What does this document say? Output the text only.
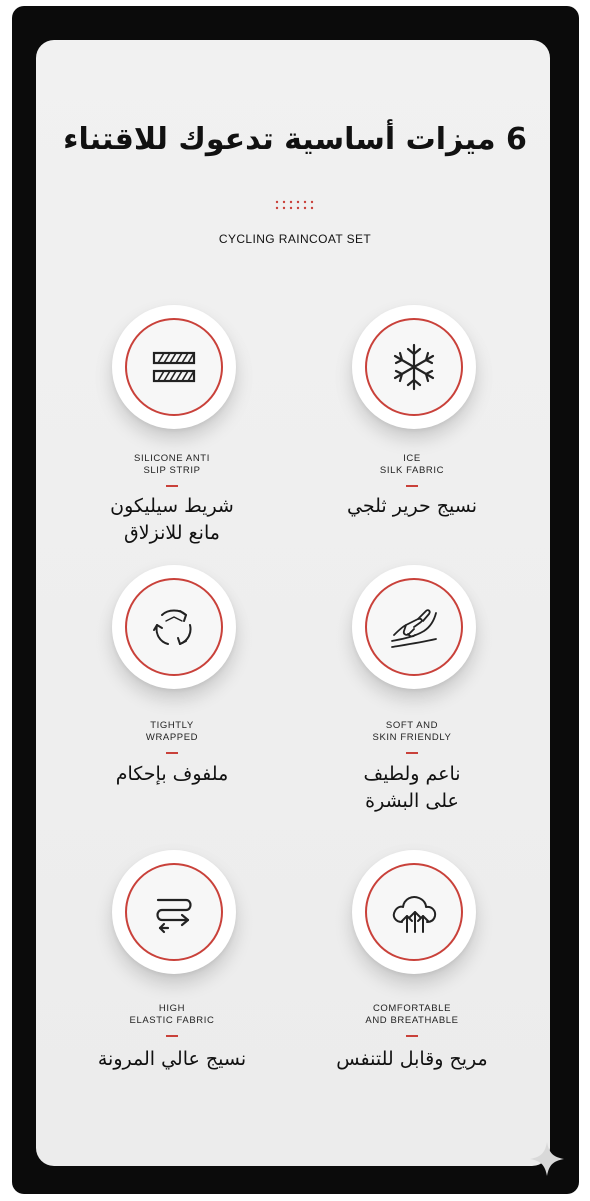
6 ميزات أساسية تدعوك للاقتناء
CYCLING RAINCOAT SET
ICE
SILK FABRIC
نسيج حرير ثلجي
SILICONE ANTI
SLIP STRIP
شريط سيليكون
مانع للانزلاق
SOFT AND
SKIN FRIENDLY
ناعم ولطيف
على البشرة
TIGHTLY
WRAPPED
ملفوف بإحكام
COMFORTABLE
AND BREATHABLE
مريح وقابل للتنفس
HIGH
ELASTIC FABRIC
نسيج عالي المرونة
